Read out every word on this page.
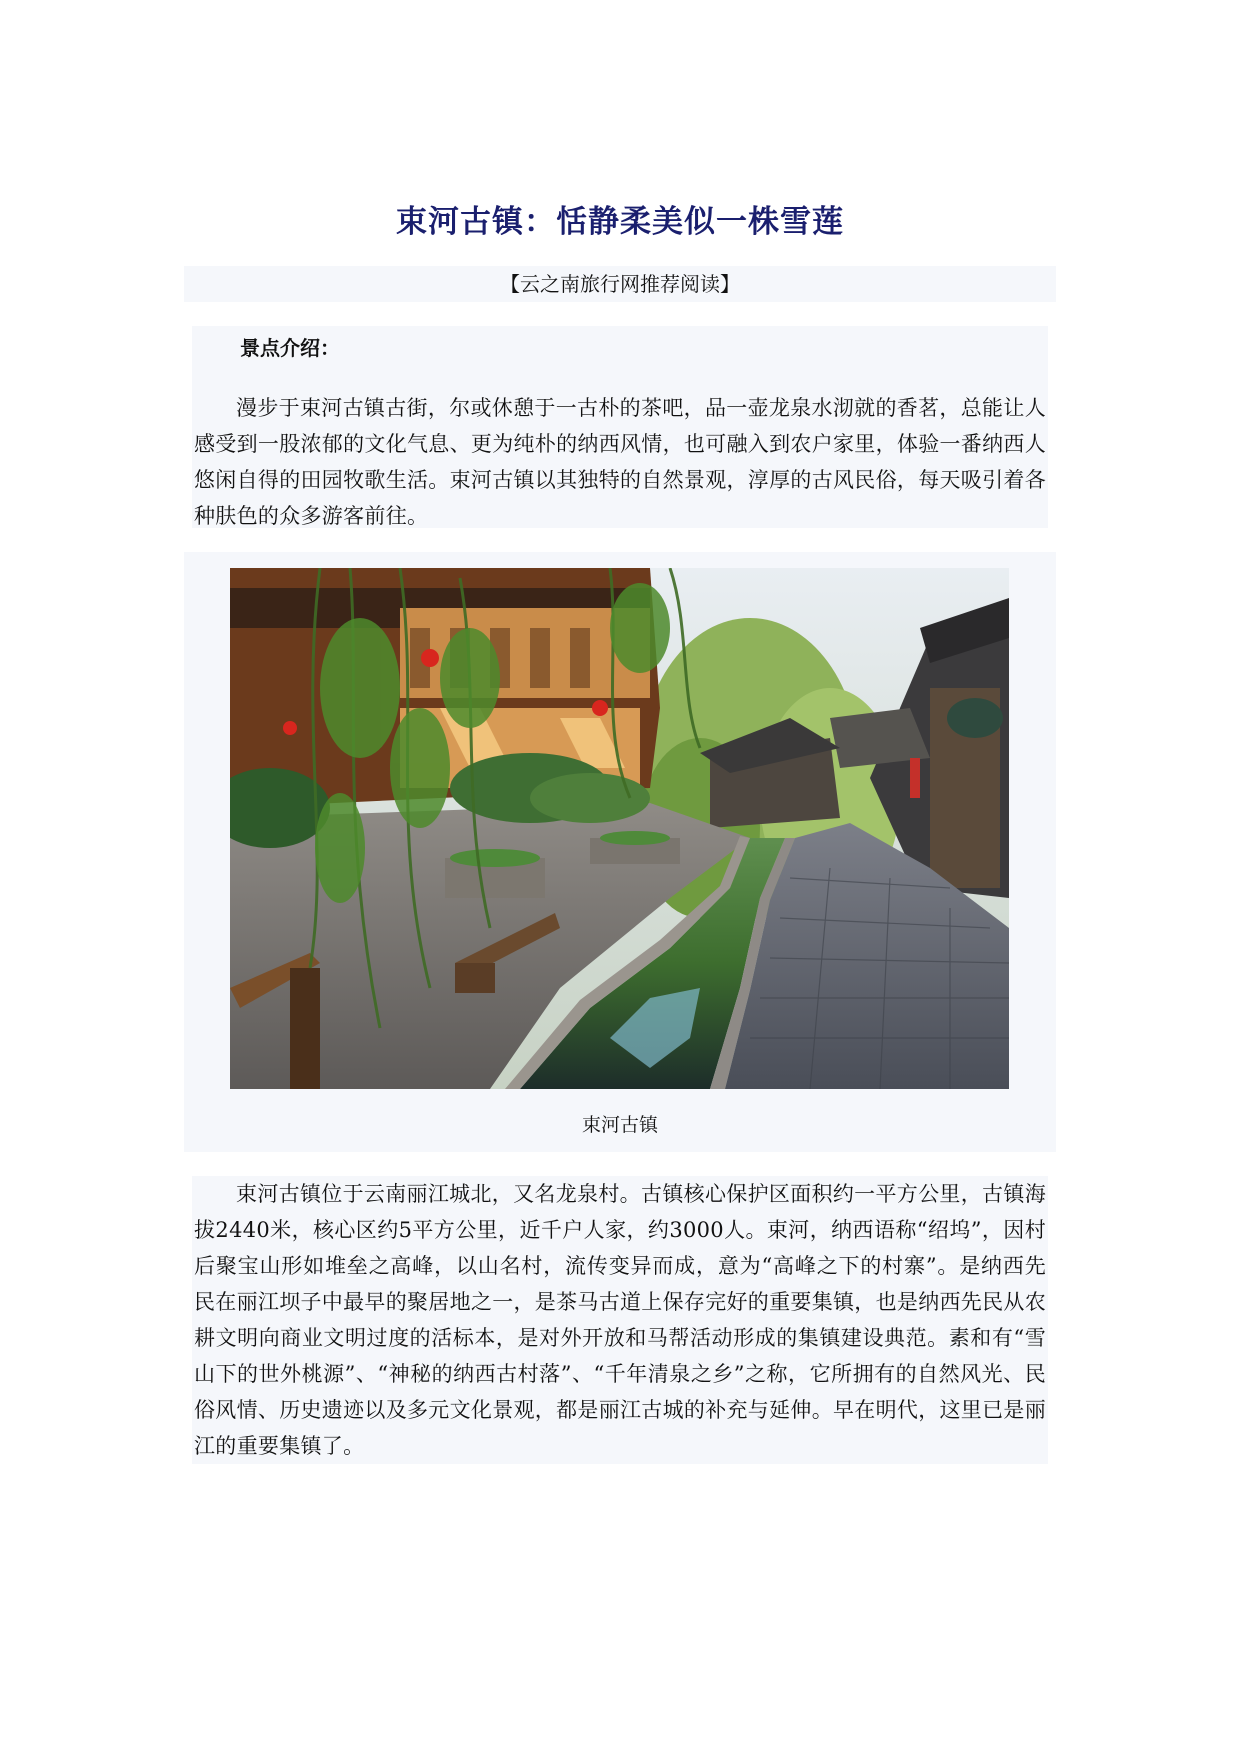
束河古镇：恬静柔美似一株雪莲
【云之南旅行网推荐阅读】
景点介绍：
漫步于束河古镇古街，尔或休憩于一古朴的茶吧，品一壶龙泉水沏就的香茗，总能让人感受到一股浓郁的文化气息、更为纯朴的纳西风情，也可融入到农户家里，体验一番纳西人悠闲自得的田园牧歌生活。束河古镇以其独特的自然景观，淳厚的古风民俗，每天吸引着各种肤色的众多游客前往。
束河古镇
束河古镇位于云南丽江城北，又名龙泉村。古镇核心保护区面积约一平方公里，古镇海拔2440米，核心区约5平方公里，近千户人家，约3000人。束河，纳西语称“绍坞”，因村后聚宝山形如堆垒之高峰，以山名村，流传变异而成，意为“高峰之下的村寨”。是纳西先民在丽江坝子中最早的聚居地之一，是茶马古道上保存完好的重要集镇，也是纳西先民从农耕文明向商业文明过度的活标本，是对外开放和马帮活动形成的集镇建设典范。素和有“雪山下的世外桃源”、“神秘的纳西古村落”、“千年清泉之乡”之称，它所拥有的自然风光、民俗风情、历史遗迹以及多元文化景观，都是丽江古城的补充与延伸。早在明代，这里已是丽江的重要集镇了。
